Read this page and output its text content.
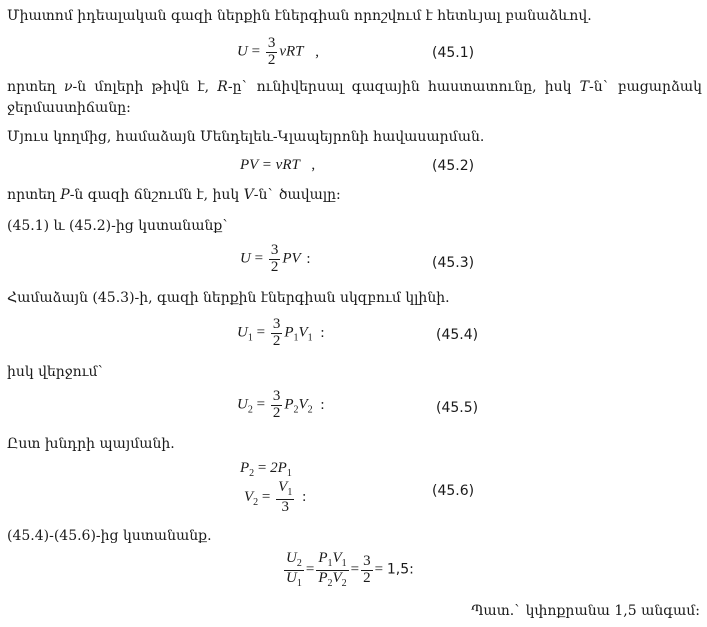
Միատոմ իդեալական գազի ներքին էներգիան որոշվում է հետևյալ բանաձևով.
$U = \frac{3}{2}$ νRT ,	(45.1)
որտեղ ν-ն մոլերի թիվն է, R-ը` ունիվերսալ գազային հաստատունը, իսկ T-ն` բացարձակ
ջերմաստիճանը:
Մյուս կողմից, համաձայն Մենդելեև-Կլապեյրոնի հավասարման.
PV = νRT ,	(45.2)
որտեղ P-ն գազի ճնշումն է, իսկ V-ն` ծավալը:
(45.1) և (45.2)-ից կստանանք`
$U = \frac{3}{2}$ PV :	(45.3)
Համաձայն (45.3)-ի, գազի ներքին էներգիան սկզբում կլինի.
$U_1 = \frac{3}{2} P_1V_1$ :	(45.4)
իսկ վերջում`
$U_2 = \frac{3}{2} P_2V_2$ :	(45.5)
Ըստ խնդրի պայմանի.
$P_2 = 2P_1$
$V_2 = \frac{V_1}{3}$ :	(45.6)
(45.4)-(45.6)-ից կստանանք.
$\frac{U_2}{U_1} = \frac{P_1V_1}{P_2V_2} = \frac{3}{2} = 1,5$:
Պատ.` կփոքրանա 1,5 անգամ:
